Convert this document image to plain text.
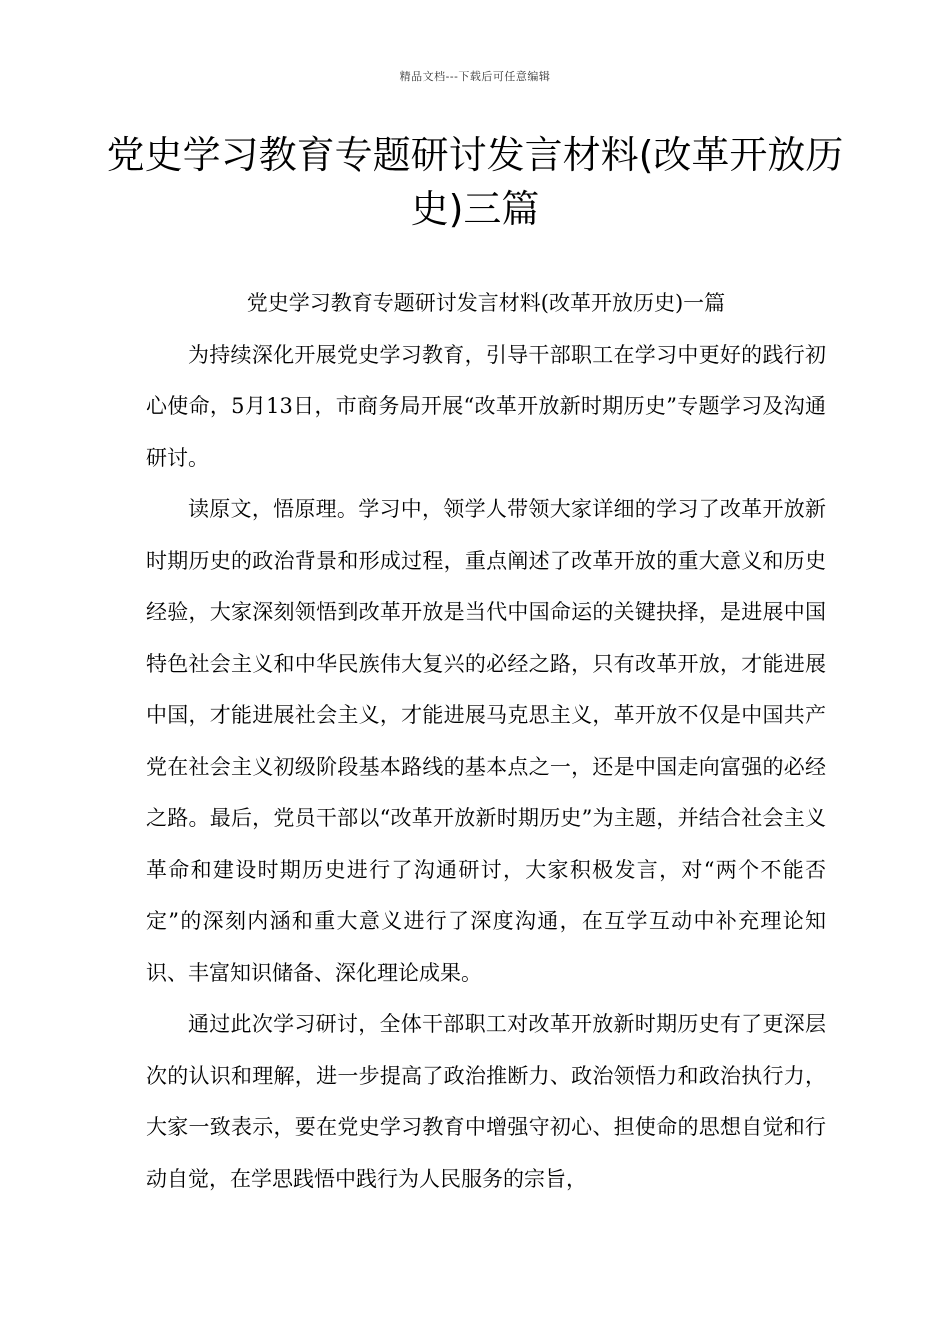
精品文档---下载后可任意编辑
党史学习教育专题研讨发言材料(改革开放历史)三篇

党史学习教育专题研讨发言材料(改革开放历史)一篇

为持续深化开展党史学习教育，引导干部职工在学习中更好的践行初心使命，5月13日，市商务局开展“改革开放新时期历史”专题学习及沟通研讨。

读原文，悟原理。学习中，领学人带领大家详细的学习了改革开放新时期历史的政治背景和形成过程，重点阐述了改革开放的重大意义和历史经验，大家深刻领悟到改革开放是当代中国命运的关键抉择，是进展中国特色社会主义和中华民族伟大复兴的必经之路，只有改革开放，才能进展中国，才能进展社会主义，才能进展马克思主义，革开放不仅是中国共产党在社会主义初级阶段基本路线的基本点之一，还是中国走向富强的必经之路。最后，党员干部以“改革开放新时期历史”为主题，并结合社会主义革命和建设时期历史进行了沟通研讨，大家积极发言，对“两个不能否定”的深刻内涵和重大意义进行了深度沟通，在互学互动中补充理论知识、丰富知识储备、深化理论成果。

通过此次学习研讨，全体干部职工对改革开放新时期历史有了更深层次的认识和理解，进一步提高了政治推断力、政治领悟力和政治执行力，大家一致表示，要在党史学习教育中增强守初心、担使命的思想自觉和行动自觉，在学思践悟中践行为人民服务的宗旨，
